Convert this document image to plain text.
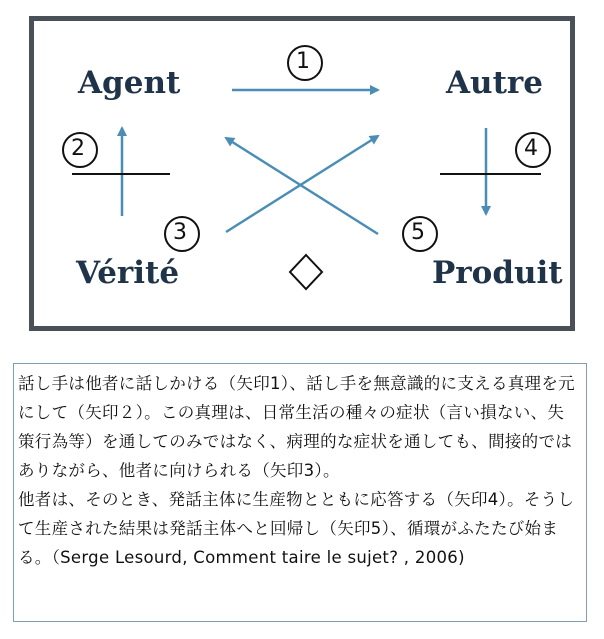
Agent	Autre
Vérité	Produit
1
2
3
4
5

話し手は他者に話しかける（矢印1）、話し手を無意識的に支える真理を元にして（矢印２）。この真理は、日常生活の種々の症状（言い損ない、失策行為等）を通してのみではなく、病理的な症状を通しても、間接的ではありながら、他者に向けられる（矢印3）。

他者は、そのとき、発話主体に生産物とともに応答する（矢印4）。そうして生産された結果は発話主体へと回帰し（矢印5）、循環がふたたび始まる。（Serge Lesourd, Comment taire le sujet? , 2006)
